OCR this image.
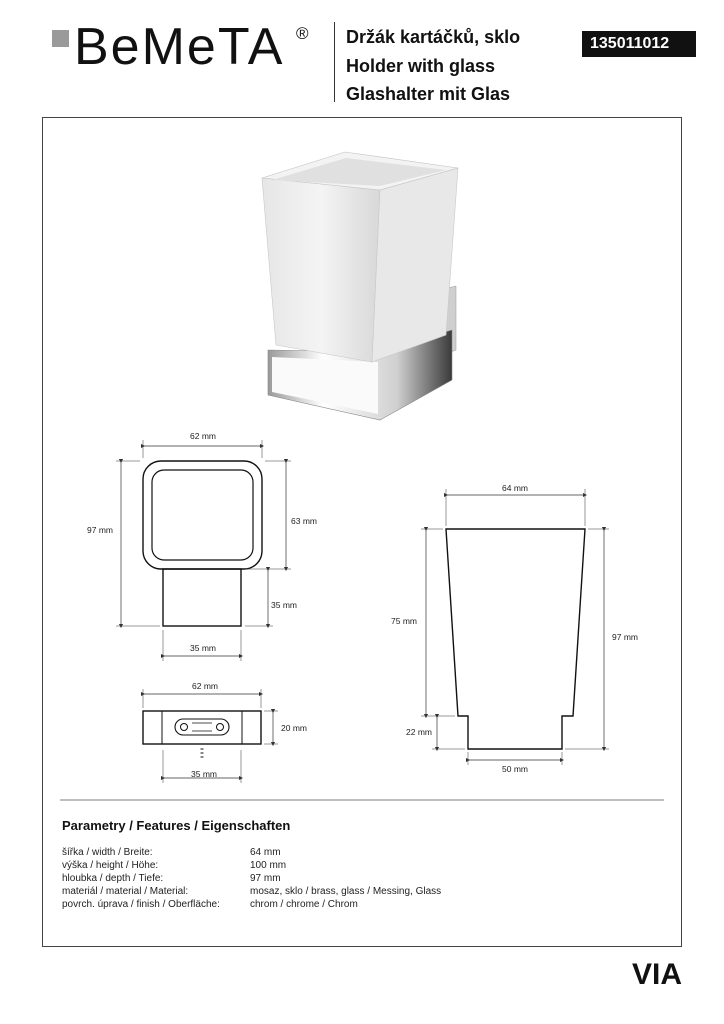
BeMeTA ® Držák kartáčků, sklo
Holder with glass
Glashalter mit Glas
135011012
62 mm
97 mm
63 mm
35 mm
35 mm
62 mm
20 mm
35 mm
64 mm
75 mm
97 mm
22 mm
50 mm
Parametry / Features / Eigenschaften
šířka / width / Breite:	64 mm
výška / height / Höhe:	100 mm
hloubka / depth / Tiefe:	97 mm
materiál / material / Material:	mosaz, sklo / brass, glass / Messing, Glass
povrch. úprava / finish / Oberfläche:	chrom / chrome / Chrom
VIA
